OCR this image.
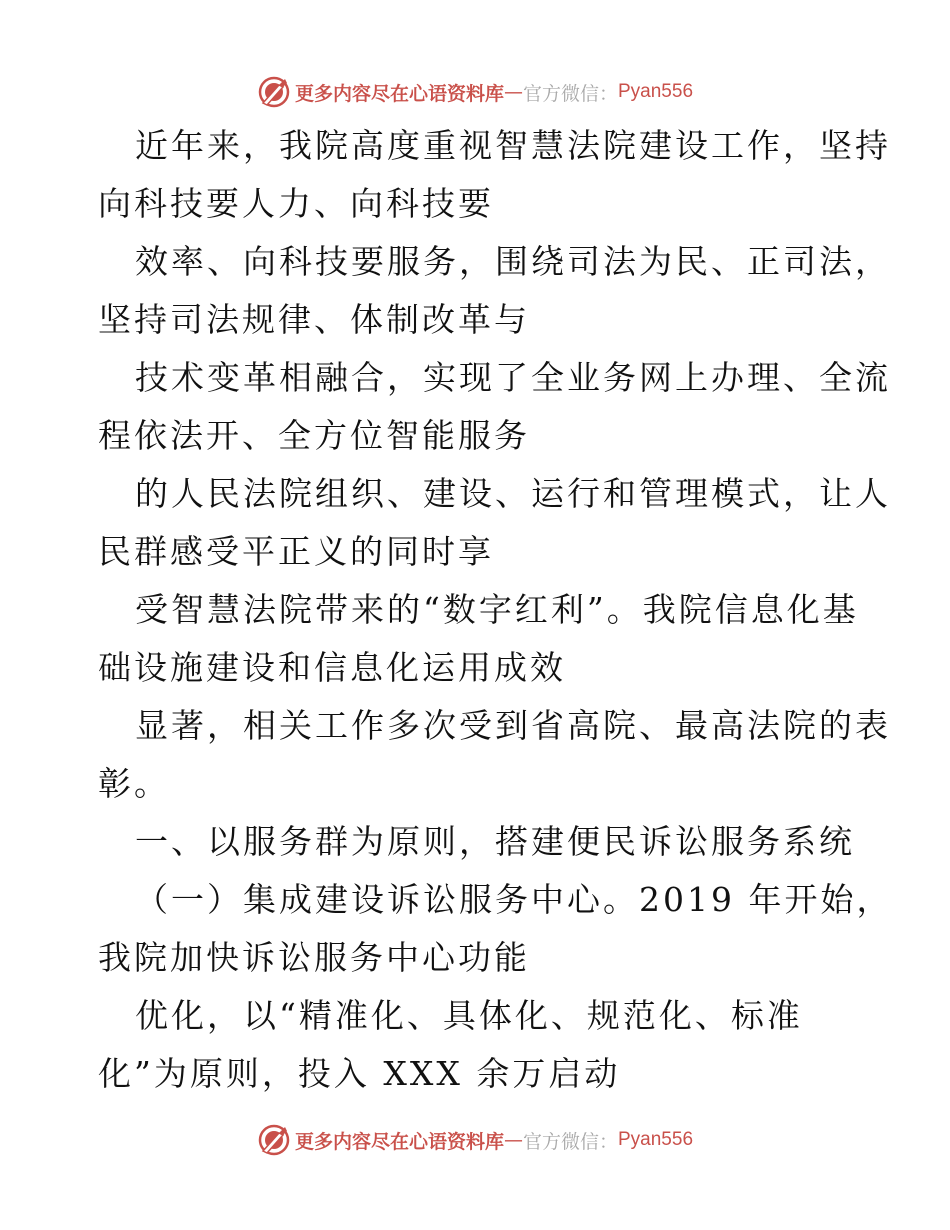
更多内容尽在心语资料库 — 官方微信： Pyan556
近年来，我院高度重视智慧法院建设工作，坚持
向科技要人力、向科技要
效率、向科技要服务，围绕司法为民、正司法，
坚持司法规律、体制改革与
技术变革相融合，实现了全业务网上办理、全流
程依法开、全方位智能服务
的人民法院组织、建设、运行和管理模式，让人
民群感受平正义的同时享
受智慧法院带来的“数字红利”。我院信息化基
础设施建设和信息化运用成效
显著，相关工作多次受到省高院、最高法院的表
彰。
一、以服务群为原则，搭建便民诉讼服务系统
（一）集成建设诉讼服务中心。2019 年开始，
我院加快诉讼服务中心功能
优化，以“精准化、具体化、规范化、标准
化”为原则，投入 XXX 余万启动
更多内容尽在心语资料库 — 官方微信： Pyan556
